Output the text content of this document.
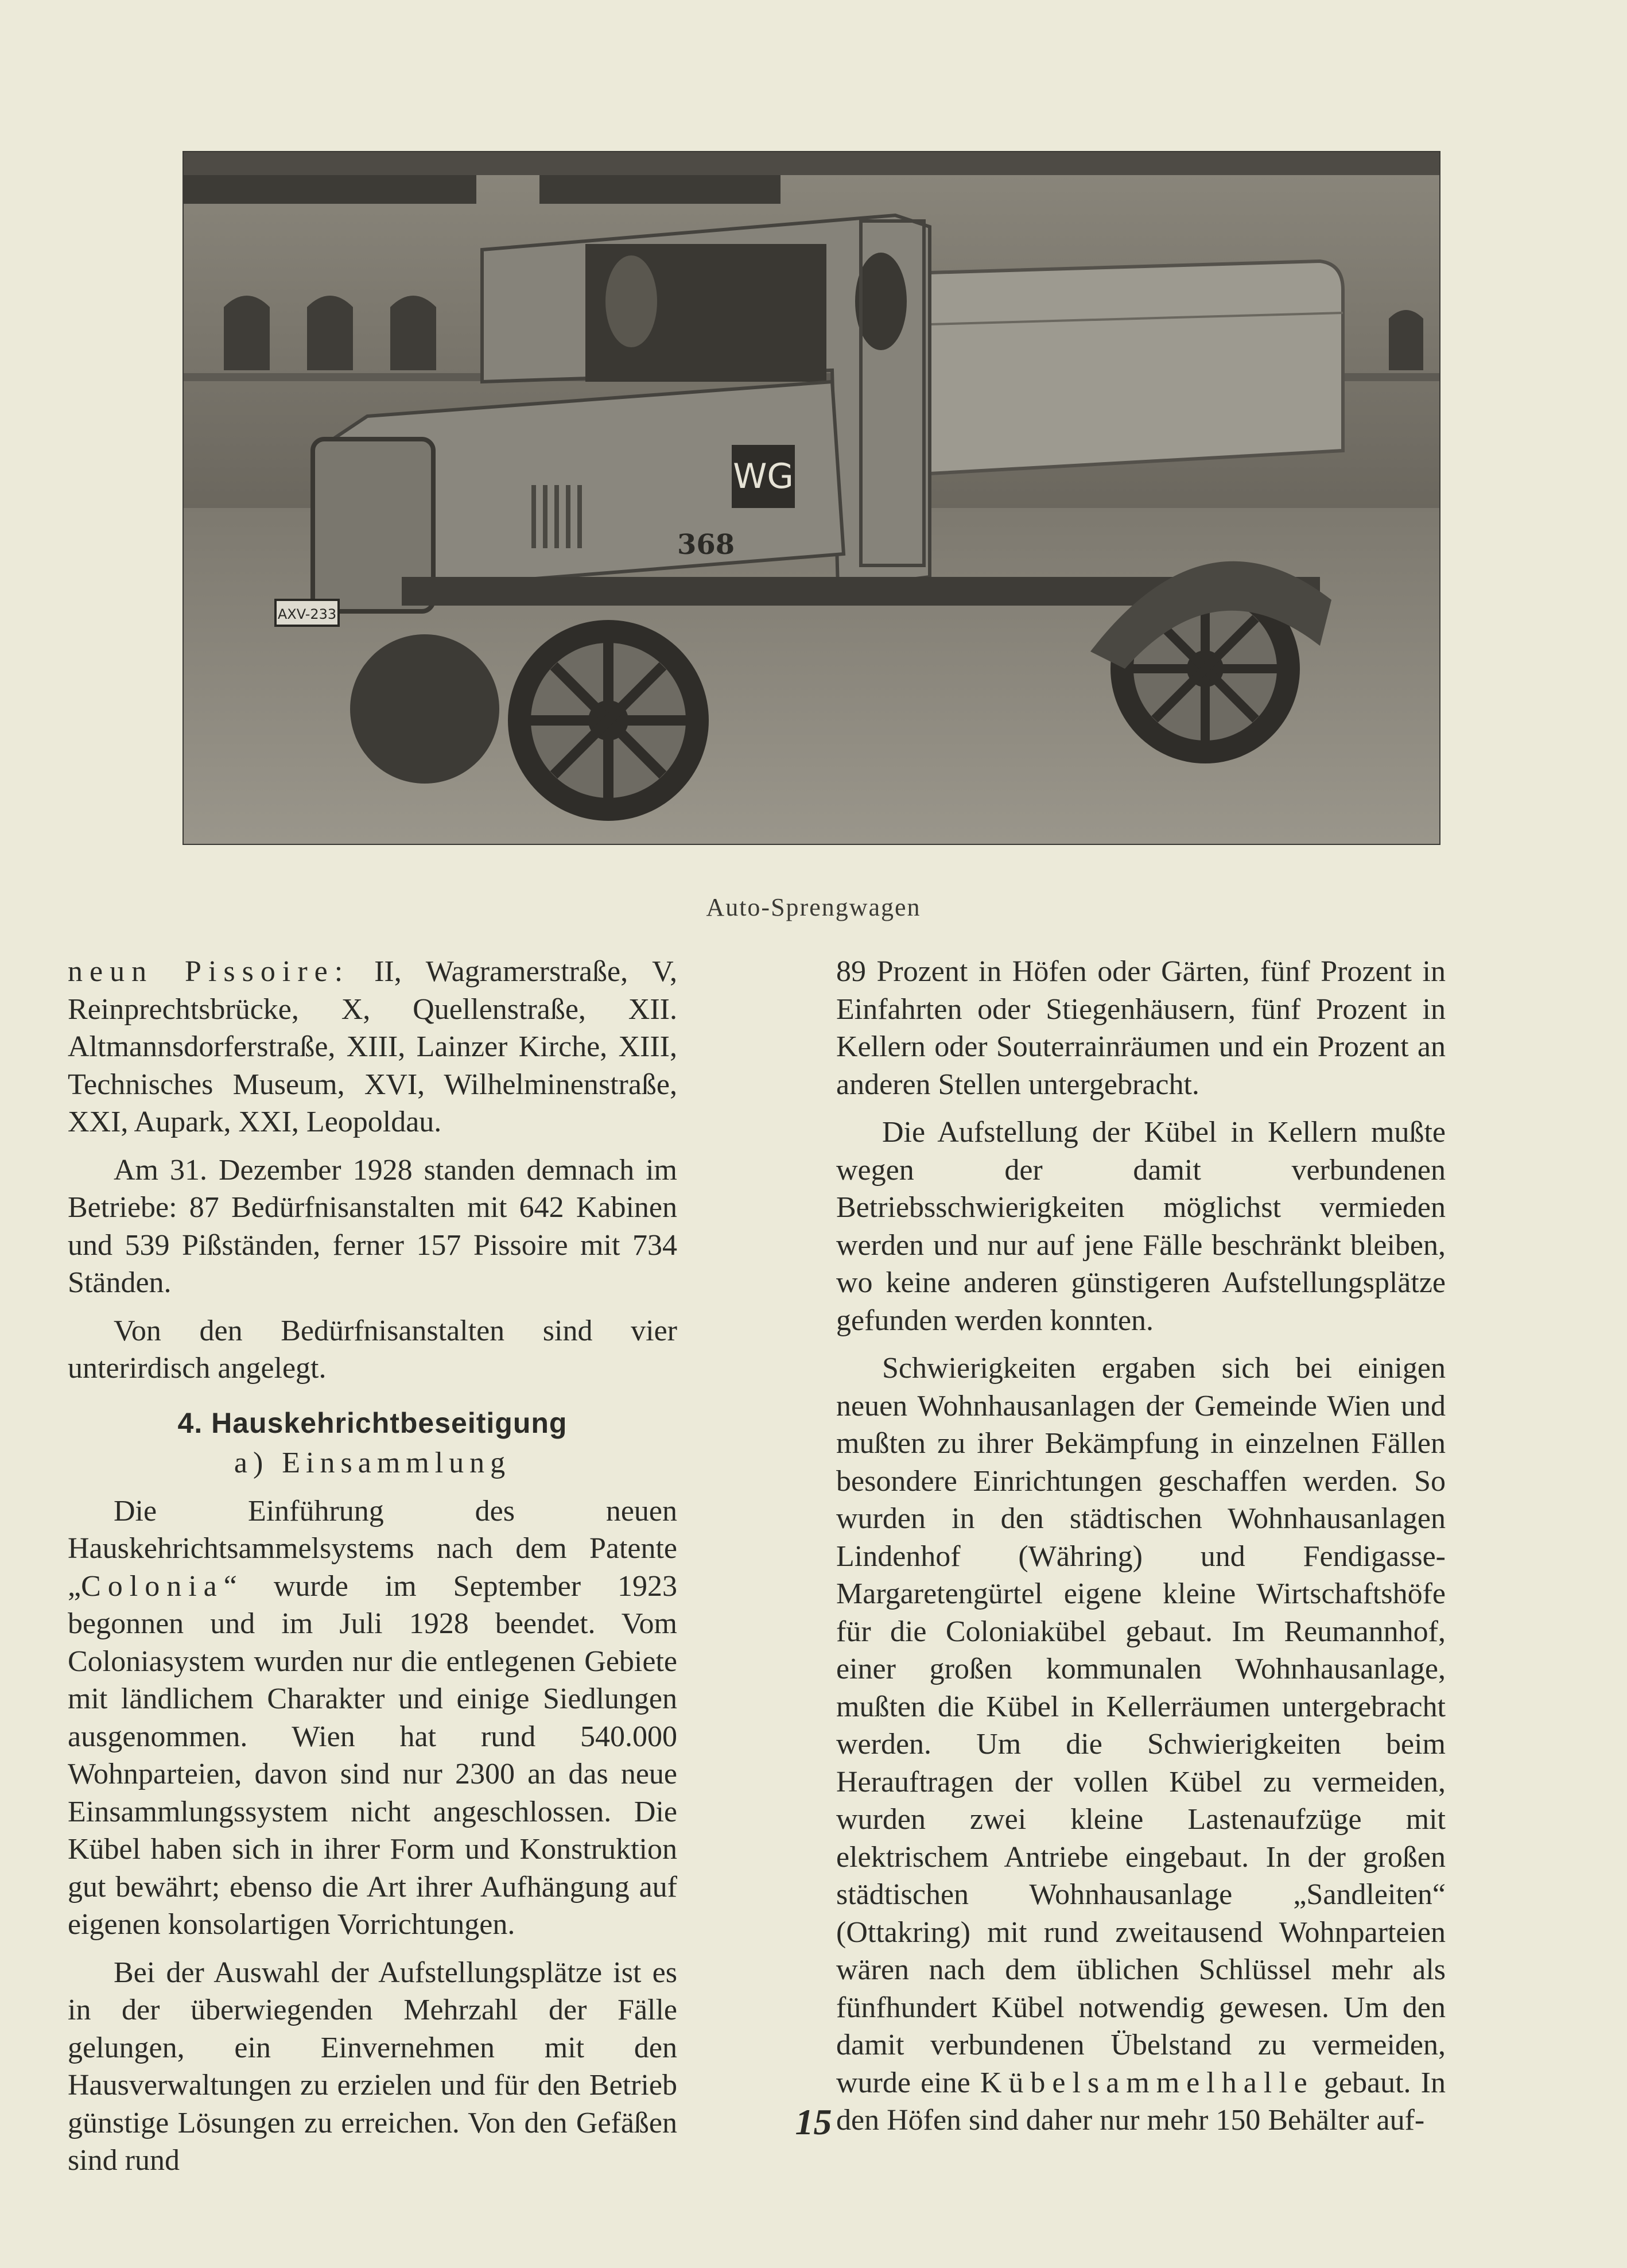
WG
368
AXV-233
Auto-Sprengwagen

neun Pissoire: II, Wagramerstraße, V, Reinprechtsbrücke, X, Quellenstraße, XII. Altmannsdorferstraße, XIII, Lainzer Kirche, XIII, Technisches Museum, XVI, Wilhelminenstraße, XXI, Aupark, XXI, Leopoldau.

Am 31. Dezember 1928 standen demnach im Betriebe: 87 Bedürfnisanstalten mit 642 Kabinen und 539 Pißständen, ferner 157 Pissoire mit 734 Ständen.

Von den Bedürfnisanstalten sind vier unterirdisch angelegt.

4. Hauskehrichtbeseitigung

a) Einsammlung

Die Einführung des neuen Hauskehrichtsammelsystems nach dem Patente „Colonia“ wurde im September 1923 begonnen und im Juli 1928 beendet. Vom Coloniasystem wurden nur die entlegenen Gebiete mit ländlichem Charakter und einige Siedlungen ausgenommen. Wien hat rund 540.000 Wohnparteien, davon sind nur 2300 an das neue Einsammlungssystem nicht angeschlossen. Die Kübel haben sich in ihrer Form und Konstruktion gut bewährt; ebenso die Art ihrer Aufhängung auf eigenen konsolartigen Vorrichtungen.

Bei der Auswahl der Aufstellungsplätze ist es in der überwiegenden Mehrzahl der Fälle gelungen, ein Einvernehmen mit den Hausverwaltungen zu erzielen und für den Betrieb günstige Lösungen zu erreichen. Von den Gefäßen sind rund

89 Prozent in Höfen oder Gärten, fünf Prozent in Einfahrten oder Stiegenhäusern, fünf Prozent in Kellern oder Souterrainräumen und ein Prozent an anderen Stellen untergebracht.

Die Aufstellung der Kübel in Kellern mußte wegen der damit verbundenen Betriebsschwierigkeiten möglichst vermieden werden und nur auf jene Fälle beschränkt bleiben, wo keine anderen günstigeren Aufstellungsplätze gefunden werden konnten.

Schwierigkeiten ergaben sich bei einigen neuen Wohnhausanlagen der Gemeinde Wien und mußten zu ihrer Bekämpfung in einzelnen Fällen besondere Einrichtungen geschaffen werden. So wurden in den städtischen Wohnhausanlagen Lindenhof (Währing) und Fendigasse-Margaretengürtel eigene kleine Wirtschaftshöfe für die Coloniakübel gebaut. Im Reumannhof, einer großen kommunalen Wohnhausanlage, mußten die Kübel in Kellerräumen untergebracht werden. Um die Schwierigkeiten beim Herauftragen der vollen Kübel zu vermeiden, wurden zwei kleine Lastenaufzüge mit elektrischem Antriebe eingebaut. In der großen städtischen Wohnhausanlage „Sandleiten“ (Ottakring) mit rund zweitausend Wohnparteien wären nach dem üblichen Schlüssel mehr als fünfhundert Kübel notwendig gewesen. Um den damit verbundenen Übelstand zu vermeiden, wurde eine Kübelsammelhalle gebaut. In den Höfen sind daher nur mehr 150 Behälter auf-

15
